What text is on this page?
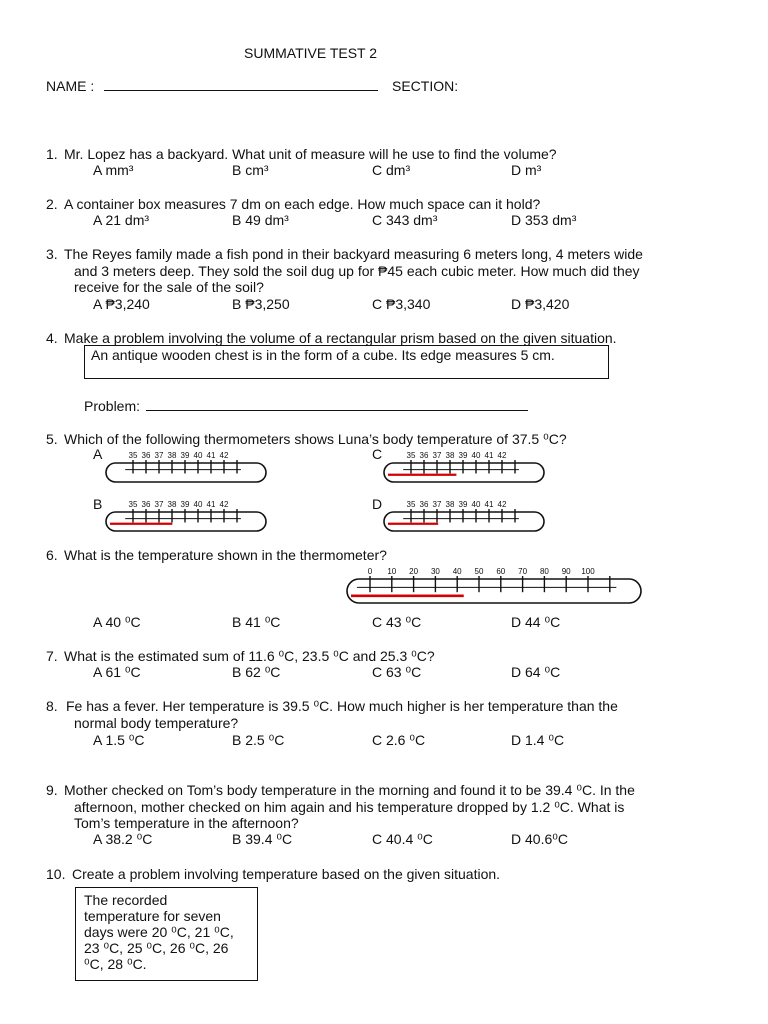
SUMMATIVE TEST 2
NAME :	SECTION:
1. Mr. Lopez has a backyard. What unit of measure will he use to find the volume?
A mm³	B cm³	C dm³	D m³
2. A container box measures 7 dm on each edge. How much space can it hold?
A 21 dm³	B 49 dm³	C 343 dm³	D 353 dm³
3. The Reyes family made a fish pond in their backyard measuring 6 meters long, 4 meters wide
and 3 meters deep. They sold the soil dug up for ₱45 each cubic meter. How much did they
receive for the sale of the soil?
A ₱3,240	B ₱3,250	C ₱3,340	D ₱3,420
4. Make a problem involving the volume of a rectangular prism based on the given situation.
An antique wooden chest is in the form of a cube. Its edge measures 5 cm.
Problem:
5. Which of the following thermometers shows Luna’s body temperature of 37.5 ⁰C?
A	35 36 37 38 39 40 41 42	C	35 36 37 38 39 40 41 42
B	35 36 37 38 39 40 41 42	D	35 36 37 38 39 40 41 42
6. What is the temperature shown in the thermometer?
0 10 20 30 40 50 60 70 80 90 100
A 40 ⁰C	B 41 ⁰C	C 43 ⁰C	D 44 ⁰C
7. What is the estimated sum of 11.6 ⁰C, 23.5 ⁰C and 25.3 ⁰C?
A 61 ⁰C	B 62 ⁰C	C 63 ⁰C	D 64 ⁰C
8. Fe has a fever. Her temperature is 39.5 ⁰C. How much higher is her temperature than the
normal body temperature?
A 1.5 ⁰C	B 2.5 ⁰C	C 2.6 ⁰C	D 1.4 ⁰C
9. Mother checked on Tom’s body temperature in the morning and found it to be 39.4 ⁰C. In the
afternoon, mother checked on him again and his temperature dropped by 1.2 ⁰C. What is
Tom’s temperature in the afternoon?
A 38.2 ⁰C	B 39.4 ⁰C	C 40.4 ⁰C	D 40.6⁰C
10. Create a problem involving temperature based on the given situation.
The recorded
temperature for seven
days were 20 ⁰C, 21 ⁰C,
23 ⁰C, 25 ⁰C, 26 ⁰C, 26
⁰C, 28 ⁰C.
